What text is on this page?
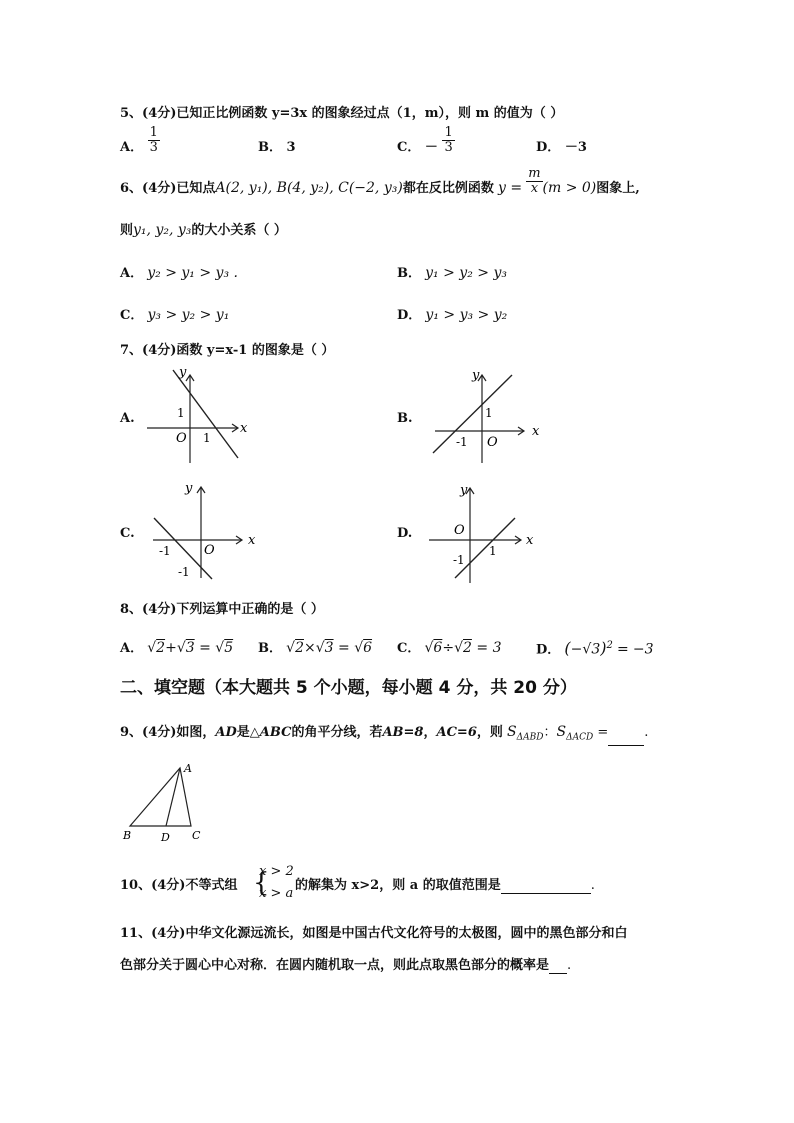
5、(4分)已知正比例函数 y=3x 的图象经过点（1，m），则 m 的值为（ ）
A． $\frac{1}{3}$	B． 3	C． － $\frac{1}{3}$	D． －3
6、(4分)已知点A(2, y₁), B(4, y₂), C(−2, y₃)都在反比例函数 $y = \frac{m}{x} (m > 0)$图象上,
则y₁, y₂, y₃的大小关系（ ）
A． y₂ > y₁ > y₃ .	B． y₁ > y₂ > y₃
C． y₃ > y₂ > y₁	D． y₁ > y₃ > y₂
7、(4分)函数 y=x-1 的图象是（ ）
A.	B.
C.	D.
y
x
O
1
1
y
x
O
1
-1
y
x
O
-1
-1
y
x
O
1
-1
8、(4分)下列运算中正确的是（ ）
A． √2+√3 = √5 B． √2×√3 = √6 C． √6÷√2 = 3	D． $(-√3)^2 = -3$
二、填空题（本大题共 5 个小题，每小题 4 分，共 20 分）
9、(4分)如图，AD是△ABC的角平分线，若AB=8，AC=6，则 $S_{\Delta ABD}$：$S_{\Delta ACD}$ =	.
A
B	D C
10、(4分)不等式组 {
x > 2
x > a
的解集为 x>2，则 a 的取值范围是	.
11、(4分)中华文化源远流长，如图是中国古代文化符号的太极图，圆中的黑色部分和白
色部分关于圆心中心对称．在圆内随机取一点，则此点取黑色部分的概率是 .
